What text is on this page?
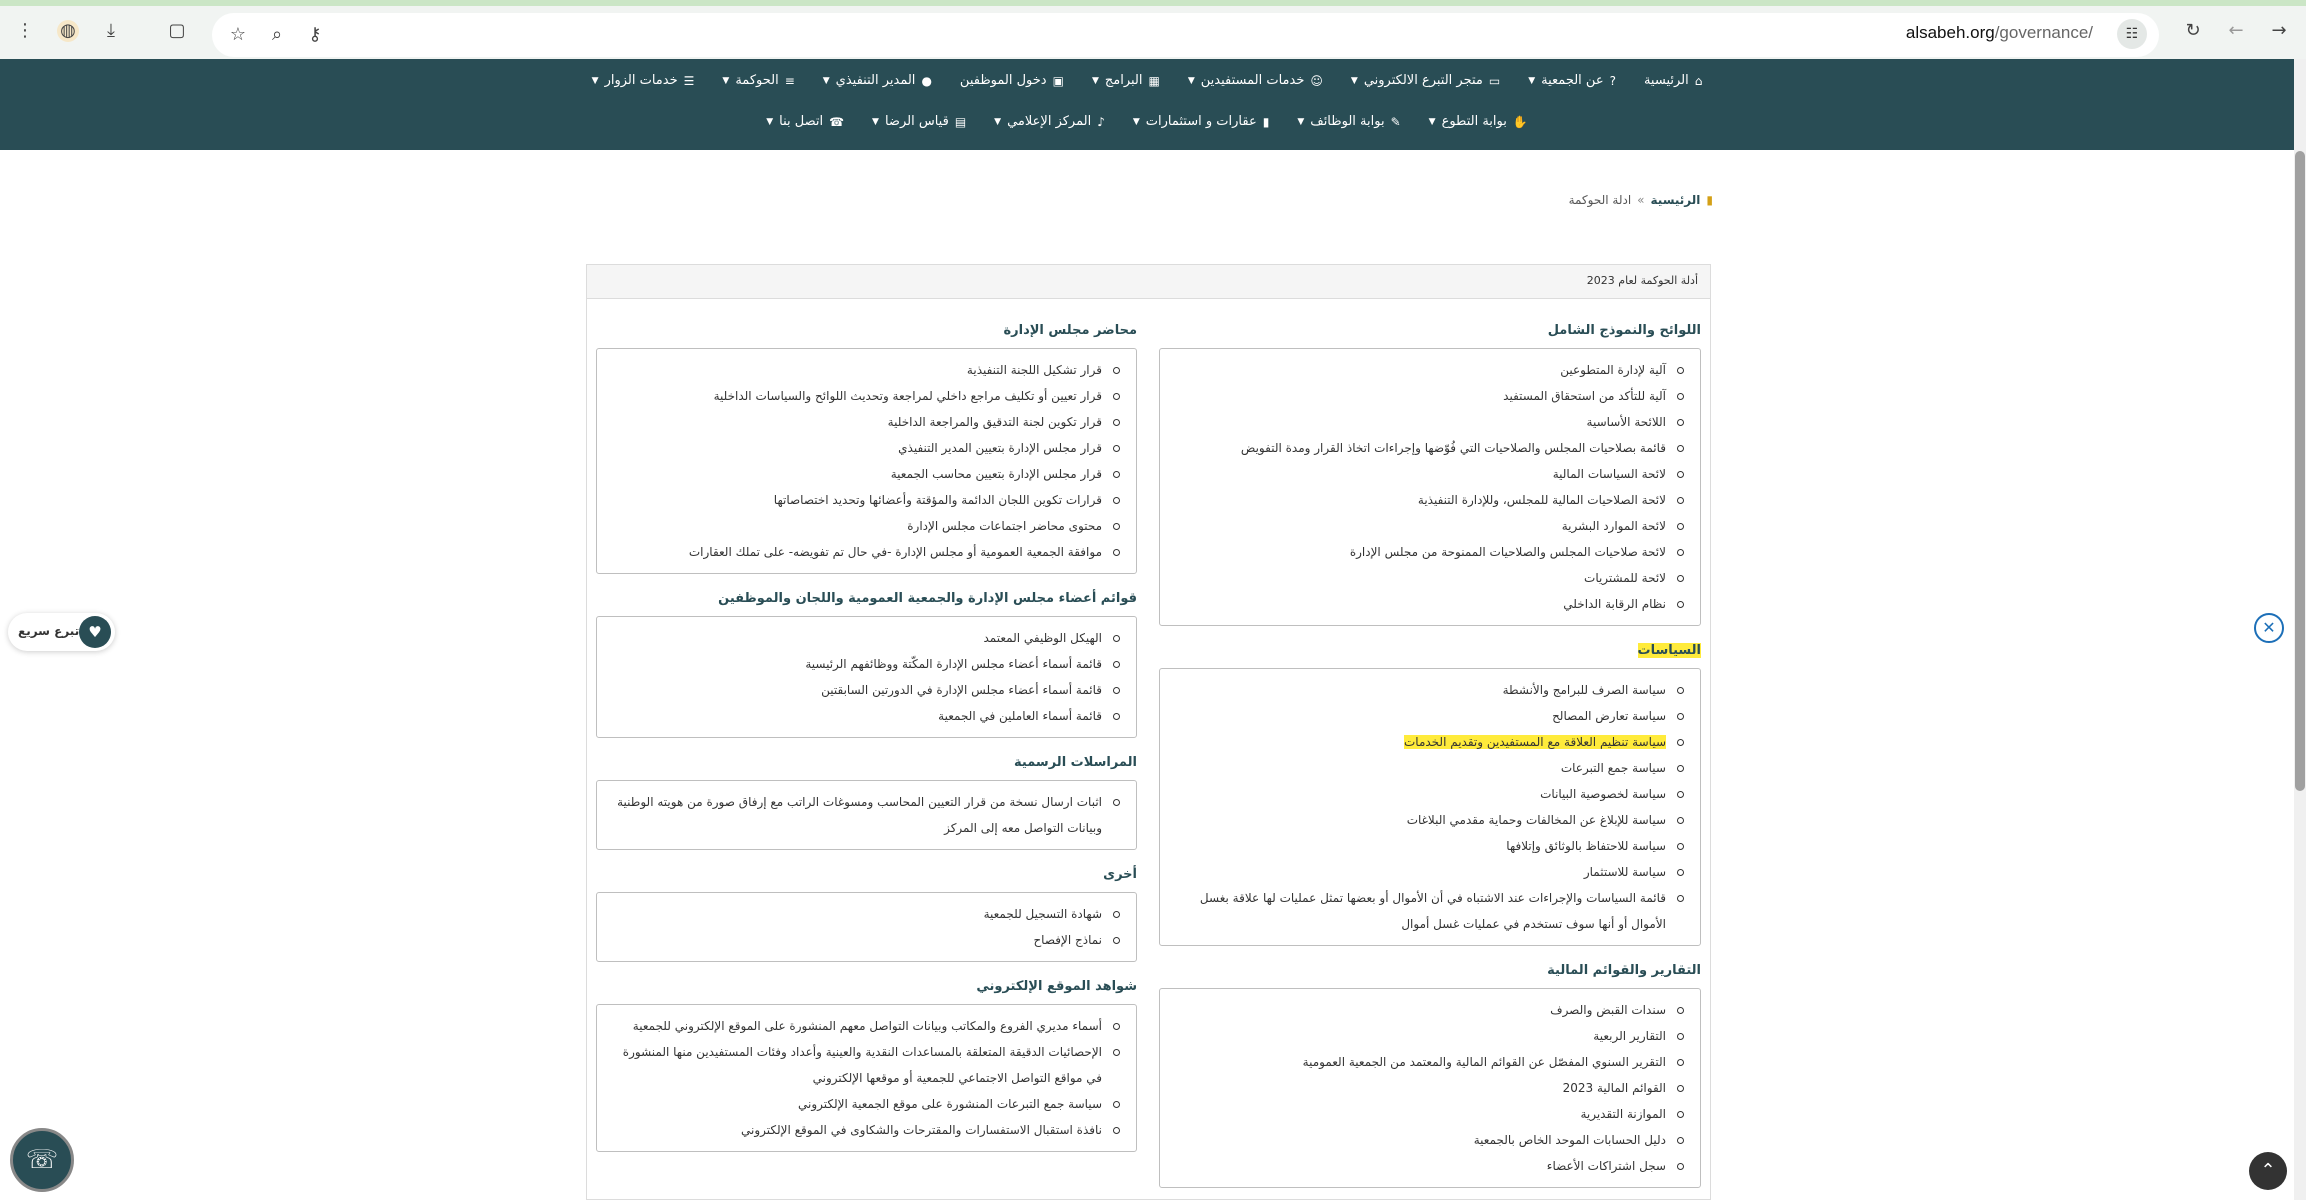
⋮ ◍	⤓	▢ ☆	⌕	⚷	alsabeh.org/governance/	☷	↻ ← →
⌂
الرئيسية
?
عن الجمعية
▼
▭
متجر التبرع الالكتروني
▼
☺
خدمات المستفيدين
▼
▦
البرامج
▼
▣
دخول الموظفين
●
المدير التنفيذي
▼
≡
الحوكمة
▼
☰
خدمات الزوار
▼
✋
بوابة التطوع
▼
✎
بوابة الوظائف
▼
▮
عقارات و استثمارات
▼
♪
المركز الإعلامي
▼
▤
قياس الرضا
▼
☎
اتصل بنا
▼
▮
الرئيسية
»
ادلة الحوكمة
أدلة الحوكمة لعام 2023
اللوائح والنموذج الشامل
آلية لإدارة المتطوعين
آلية للتأكد من استحقاق المستفيد
اللائحة الأساسية
قائمة بصلاحيات المجلس والصلاحيات التي فُوّضها وإجراءات اتخاذ القرار ومدة التفويض
لائحة السياسات المالية
لائحة الصلاحيات المالية للمجلس، وللإدارة التنفيذية
لائحة الموارد البشرية
لائحة صلاحيات المجلس والصلاحيات الممنوحة من مجلس الإدارة
لائحة للمشتريات
نظام الرقابة الداخلي
السياسات
سياسة الصرف للبرامج والأنشطة
سياسة تعارض المصالح
سياسة تنظيم العلاقة مع المستفيدين وتقديم الخدمات
سياسة جمع التبرعات
سياسة لخصوصية البيانات
سياسة للإبلاغ عن المخالفات وحماية مقدمي البلاغات
سياسة للاحتفاظ بالوثائق وإتلافها
سياسة للاستثمار
قائمة السياسات والإجراءات عند الاشتباه في أن الأموال أو بعضها تمثل عمليات لها علاقة بغسل الأموال أو أنها سوف تستخدم في عمليات غسل أموال
التقارير والقوائم المالية
سندات القبض والصرف
التقارير الربعية
التقرير السنوي المفصّل عن القوائم المالية والمعتمد من الجمعية العمومية
القوائم المالية 2023
الموازنة التقديرية
دليل الحسابات الموحد الخاص بالجمعية
سجل اشتراكات الأعضاء
محاضر مجلس الإدارة
قرار تشكيل اللجنة التنفيذية
قرار تعيين أو تكليف مراجع داخلي لمراجعة وتحديث اللوائح والسياسات الداخلية
قرار تكوين لجنة التدقيق والمراجعة الداخلية
قرار مجلس الإدارة بتعيين المدير التنفيذي
قرار مجلس الإدارة بتعيين محاسب الجمعية
قرارات تكوين اللجان الدائمة والمؤقتة وأعضائها وتحديد اختصاصاتها
محتوى محاضر اجتماعات مجلس الإدارة
موافقة الجمعية العمومية أو مجلس الإدارة -في حال تم تفويضه- على تملك العقارات
قوائم أعضاء مجلس الإدارة والجمعية العمومية واللجان والموظفين
الهيكل الوظيفي المعتمد
قائمة أسماء أعضاء مجلس الإدارة المكّتة ووظائفهم الرئيسية
قائمة أسماء أعضاء مجلس الإدارة في الدورتين السابقتين
قائمة أسماء العاملين في الجمعية
المراسلات الرسمية
اثبات ارسال نسخة من قرار التعيين المحاسب ومسوغات الراتب مع إرفاق صورة من هويته الوطنية وبيانات التواصل معه إلى المركز
أخرى
شهادة التسجيل للجمعية
نماذج الإفصاح
شواهد الموقع الإلكتروني
أسماء مديري الفروع والمكاتب وبيانات التواصل معهم المنشورة على الموقع الإلكتروني للجمعية
الإحصائيات الدقيقة المتعلقة بالمساعدات النقدية والعينية وأعداد وفئات المستفيدين منها المنشورة في مواقع التواصل الاجتماعي للجمعية أو موقعها الإلكتروني
سياسة جمع التبرعات المنشورة على موقع الجمعية الإلكتروني
نافذة استقبال الاستفسارات والمقترحات والشكاوى في الموقع الإلكتروني
تبرع سريع ♥	✕
☏	⌃
